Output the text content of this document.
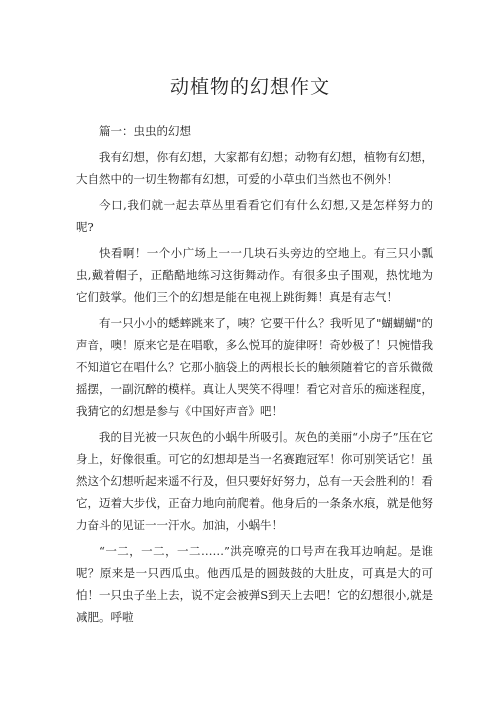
动植物的幻想作文
篇一：虫虫的幻想

我有幻想，你有幻想，大家都有幻想；动物有幻想，植物有幻想，大自然中的一切生物都有幻想，可爱的小草虫们当然也不例外！

今口,我们就一起去草丛里看看它们有什么幻想,又是怎样努力的呢?

快看啊！一个小广场上一一几块石头旁边的空地上。有三只小瓢虫,戴着帽子，正酷酷地练习这街舞动作。有很多虫子围观，热忱地为它们鼓掌。他们三个的幻想是能在电视上跳街舞！真是有志气！

有一只小小的蟋蟀跳来了，咦？它要干什么？我听见了"蝴蝴蝴"的声音，噢！原来它是在唱歌，多么悦耳的旋律呀！奇妙极了！只惋惜我不知道它在唱什么？它那小脑袋上的两根长长的触须随着它的音乐微微摇摆，一副沉醉的模样。真让人哭笑不得哩！看它对音乐的痴迷程度，我猜它的幻想是参与《中国好声音》吧！

我的目光被一只灰色的小蜗牛所吸引。灰色的美丽“小房子”压在它身上，好像很重。可它的幻想却是当一名赛跑冠军！你可别笑话它！虽然这个幻想听起来遥不行及，但只要好好努力，总有一天会胜利的！看它，迈着大步伐，正奋力地向前爬着。他身后的一条条水痕，就是他努力奋斗的见证一一汗水。加油，小蜗牛！

“一二，一二，一二……”洪亮嘹亮的口号声在我耳边响起。是谁呢？原来是一只西瓜虫。他西瓜是的圆鼓鼓的大肚皮，可真是大的可怕！一只虫子坐上去，说不定会被弹S到天上去吧！它的幻想很小,就是减肥。呼啦
